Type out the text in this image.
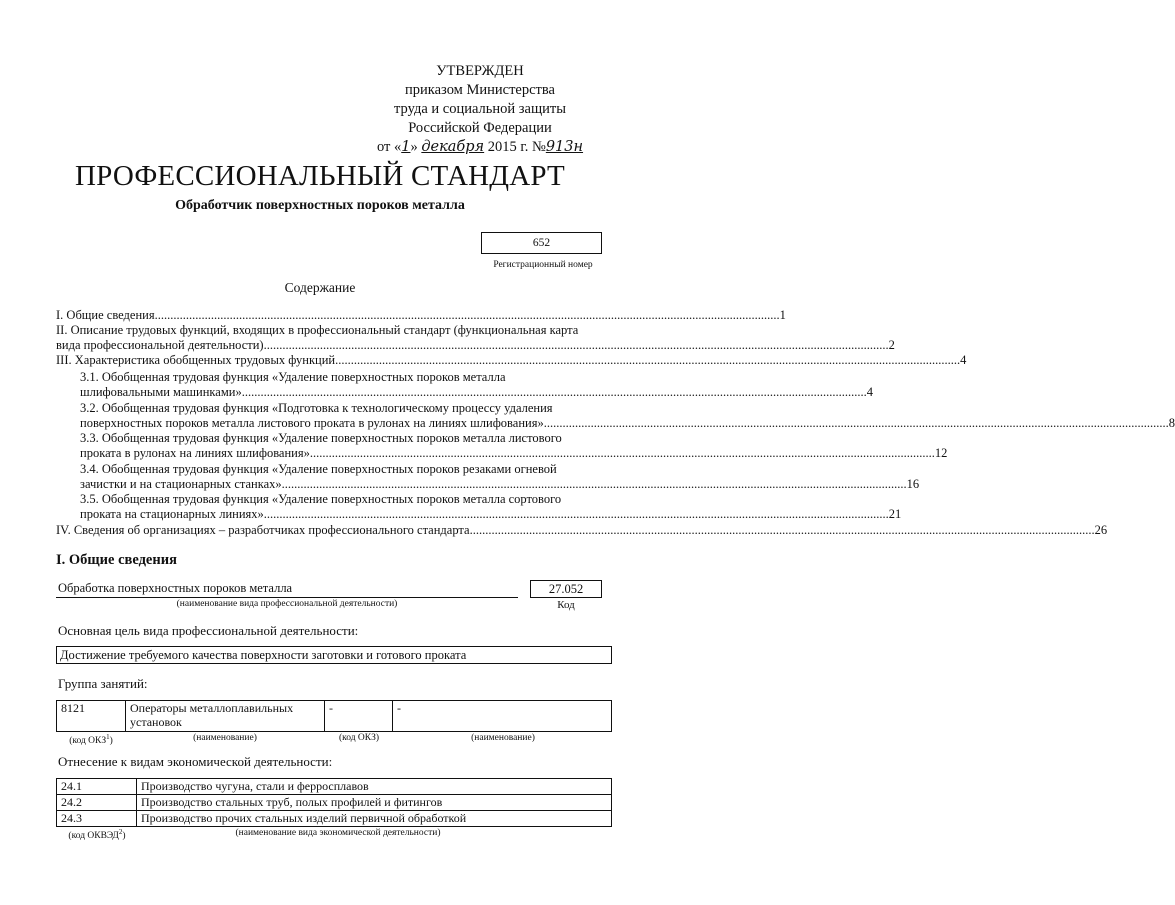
УТВЕРЖДЕН
приказом Министерства
труда и социальной защиты
Российской Федерации
от «1» декабря 2015 г. №913н
ПРОФЕССИОНАЛЬНЫЙ СТАНДАРТ
Обработчик поверхностных пороков металла
652
Регистрационный номер
Содержание
I. Общие сведения .....	1
II. Описание трудовых функций, входящих в профессиональный стандарт (функциональная карта
вида профессиональной деятельности) .....	2
III. Характеристика обобщенных трудовых функций .....	4
3.1. Обобщенная трудовая функция «Удаление поверхностных пороков металла
шлифовальными машинками» .....	4
3.2. Обобщенная трудовая функция «Подготовка к технологическому процессу удаления
поверхностных пороков металла листового проката в рулонах на линиях шлифования» .....	8
3.3. Обобщенная трудовая функция «Удаление поверхностных пороков металла листового
проката в рулонах на линиях шлифования» .....	12
3.4. Обобщенная трудовая функция «Удаление поверхностных пороков резаками огневой
зачистки и на стационарных станках» .....	16
3.5. Обобщенная трудовая функция «Удаление поверхностных пороков металла сортового
проката на стационарных линиях» .....	21
IV. Сведения об организациях – разработчиках профессионального стандарта .....	26
I. Общие сведения
Обработка поверхностных пороков металла
(наименование вида профессиональной деятельности)
27.052
Код
Основная цель вида профессиональной деятельности:
Достижение требуемого качества поверхности заготовки и готового проката
Группа занятий:
8121	Операторы металлоплавильных установок	-	-
(код ОКЗ$^1$)	(наименование)	(код ОКЗ)	(наименование)
Отнесение к видам экономической деятельности:
24.1	Производство чугуна, стали и ферросплавов
24.2	Производство стальных труб, полых профилей и фитингов
24.3	Производство прочих стальных изделий первичной обработкой
(код ОКВЭД$^2$)	(наименование вида экономической деятельности)
